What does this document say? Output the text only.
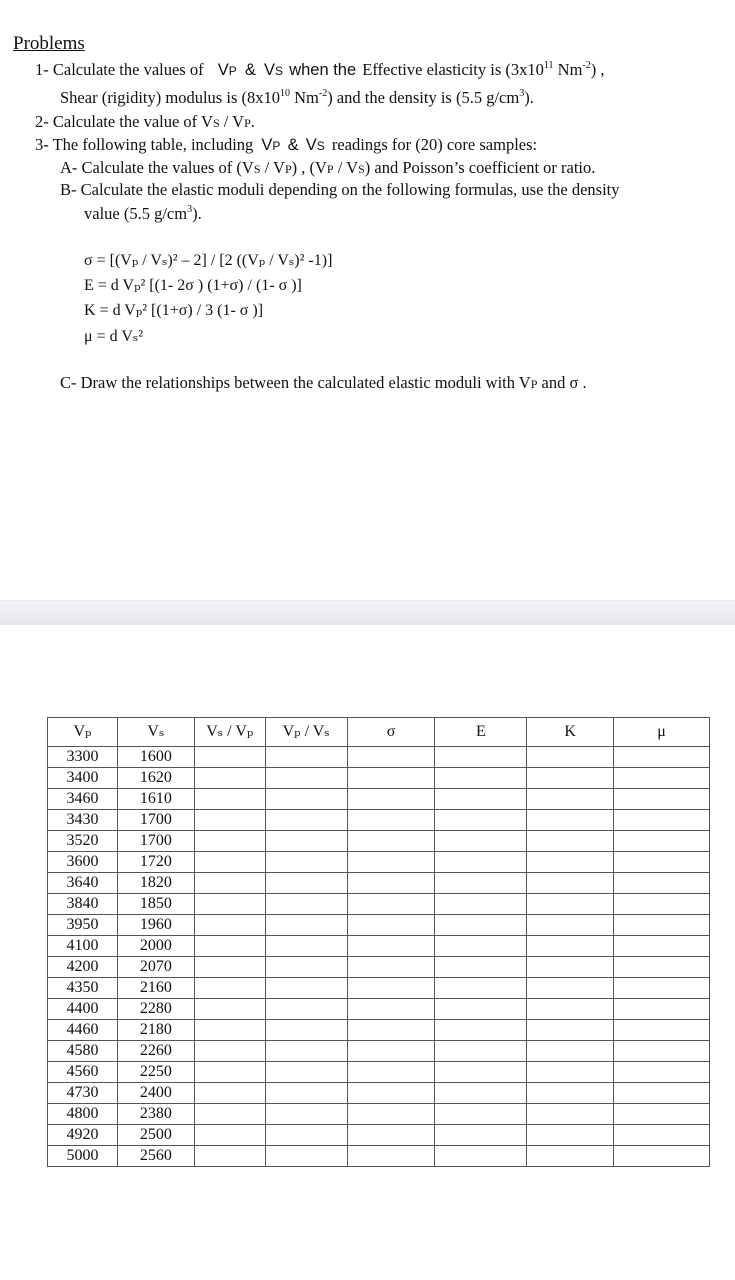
Problems
1- Calculate the values of VP & VS when the Effective elasticity is ($3x10^{11}$ $Nm^{-2}$) ,
Shear (rigidity) modulus is ($8x10^{10}$ $Nm^{-2}$) and the density is (5.5 $g/cm^3$).
2- Calculate the value of VS / VP.
3- The following table, including VP & VS readings for (20) core samples:
A- Calculate the values of (VS / VP) , (VP / VS) and Poisson’s coefficient or ratio.
B- Calculate the elastic moduli depending on the following formulas, use the density
value (5.5 $g/cm^3$).
σ = [(Vₚ / Vₛ)² – 2] / [2 ((Vₚ / Vₛ)² -1)]
E = d Vₚ² [(1- 2σ ) (1+σ) / (1- σ )]
K = d Vₚ² [(1+σ) / 3 (1- σ )]
μ = d Vₛ²
C- Draw the relationships between the calculated elastic moduli with VP and σ .
Vₚ	Vₛ	Vₛ / Vₚ	Vₚ / Vₛ	σ	E	K	μ
3300	1600						
3400	1620						
3460	1610						
3430	1700						
3520	1700						
3600	1720						
3640	1820						
3840	1850						
3950	1960						
4100	2000						
4200	2070						
4350	2160						
4400	2280						
4460	2180						
4580	2260						
4560	2250						
4730	2400						
4800	2380						
4920	2500						
5000	2560						
